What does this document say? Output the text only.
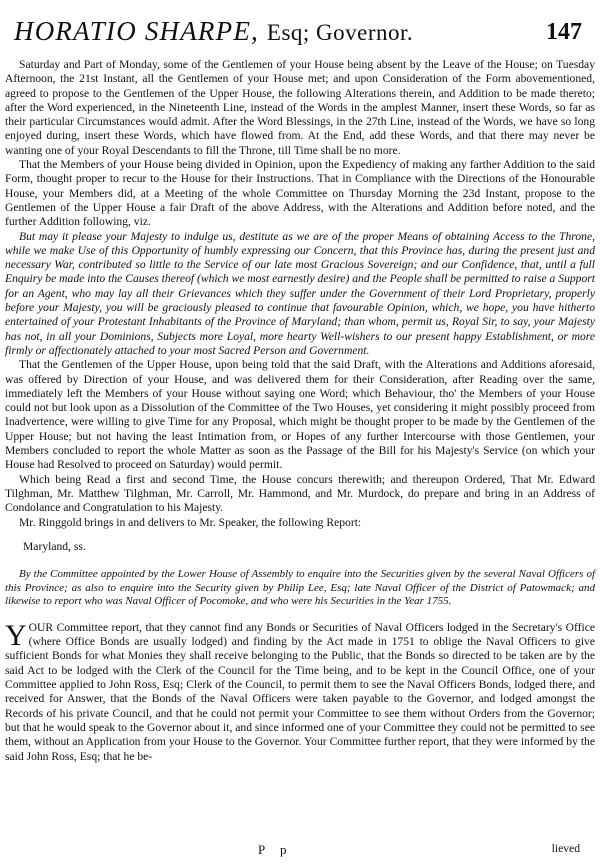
HORATIO SHARPE, Esq; Governor.	147

Saturday and Part of Monday, some of the Gentlemen of your House being absent by the Leave of the House; on Tuesday Afternoon, the 21st Instant, all the Gentlemen of your House met; and upon Consideration of the Form abovementioned, agreed to propose to the Gentlemen of the Upper House, the following Alterations therein, and Addition to be made thereto; after the Word experienced, in the Nineteenth Line, instead of the Words in the amplest Manner, insert these Words, so far as their particular Circumstances would admit. After the Word Blessings, in the 27th Line, instead of the Words, we have so long enjoyed during, insert these Words, which have flowed from. At the End, add these Words, and that there may never be wanting one of your Royal Descendants to fill the Throne, till Time shall be no more.

That the Members of your House being divided in Opinion, upon the Expediency of making any farther Addition to the said Form, thought proper to recur to the House for their Instructions. That in Compliance with the Directions of the Honourable House, your Members did, at a Meeting of the whole Committee on Thursday Morning the 23d Instant, propose to the Gentlemen of the Upper House a fair Draft of the above Address, with the Alterations and Addition before noted, and the further Addition following, viz.

But may it please your Majesty to indulge us, destitute as we are of the proper Means of obtaining Access to the Throne, while we make Use of this Opportunity of humbly expressing our Concern, that this Province has, during the present just and necessary War, contributed so little to the Service of our late most Gracious Sovereign; and our Confidence, that, until a full Enquiry be made into the Causes thereof (which we most earnestly desire) and the People shall be permitted to raise a Support for an Agent, who may lay all their Grievances which they suffer under the Government of their Lord Proprietary, properly before your Majesty, you will be graciously pleased to continue that favourable Opinion, which, we hope, you have hitherto entertained of your Protestant Inhabitants of the Province of Maryland; than whom, permit us, Royal Sir, to say, your Majesty has not, in all your Dominions, Subjects more Loyal, more hearty Well-wishers to our present happy Establishment, or more firmly or affectionately attached to your most Sacred Person and Government.

That the Gentlemen of the Upper House, upon being told that the said Draft, with the Alterations and Additions aforesaid, was offered by Direction of your House, and was delivered them for their Consideration, after Reading over the same, immediately left the Members of your House without saying one Word; which Behaviour, tho' the Members of your House could not but look upon as a Dissolution of the Committee of the Two Houses, yet considering it might possibly proceed from Inadvertence, were willing to give Time for any Proposal, which might be thought proper to be made by the Gentlemen of the Upper House; but not having the least Intimation from, or Hopes of any further Intercourse with those Gentlemen, your Members concluded to report the whole Matter as soon as the Passage of the Bill for his Majesty's Service (on which your House had Resolved to proceed on Saturday) would permit.

Which being Read a first and second Time, the House concurs therewith; and thereupon Ordered, That Mr. Edward Tilghman, Mr. Matthew Tilghman, Mr. Carroll, Mr. Hammond, and Mr. Murdock, do prepare and bring in an Address of Condolance and Congratulation to his Majesty.

Mr. Ringgold brings in and delivers to Mr. Speaker, the following Report:

Maryland, ss.

By the Committee appointed by the Lower House of Assembly to enquire into the Securities given by the several Naval Officers of this Province; as also to enquire into the Security given by Philip Lee, Esq; late Naval Officer of the District of Patowmack; and likewise to report who was Naval Officer of Pocomoke, and who were his Securities in the Year 1755.

YOUR Committee report, that they cannot find any Bonds or Securities of Naval Officers lodged in the Secretary's Office (where Office Bonds are usually lodged) and finding by the Act made in 1751 to oblige the Naval Officers to give sufficient Bonds for what Monies they shall receive belonging to the Public, that the Bonds so directed to be taken are by the said Act to be lodged with the Clerk of the Council for the Time being, and to be kept in the Council Office, one of your Committee applied to John Ross, Esq; Clerk of the Council, to permit them to see the Naval Officers Bonds, lodged there, and received for Answer, that the Bonds of the Naval Officers were taken payable to the Governor, and lodged amongst the Records of his private Council, and that he could not permit your Committee to see them without Orders from the Governor; but that he would speak to the Governor about it, and since informed one of your Committee they could not be permitted to see them, without an Application from your House to the Governor. Your Committee further report, that they were informed by the said John Ross, Esq; that he be-

P p	lieved
